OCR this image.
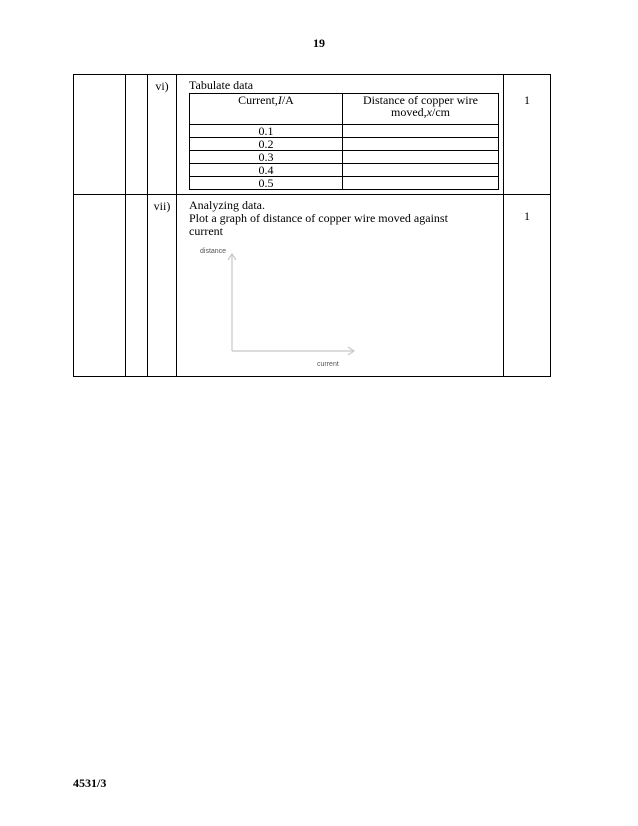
19
		vi)	Tabulate data
Current,I/A	Distance of copper wire
moved,x/cm

0.1	
0.2	
0.3	
0.4	
0.5	
	1
		vii)	Analyzing data.
Plot a graph of distance of copper wire moved against
current
distance
current
	1
4531/3
